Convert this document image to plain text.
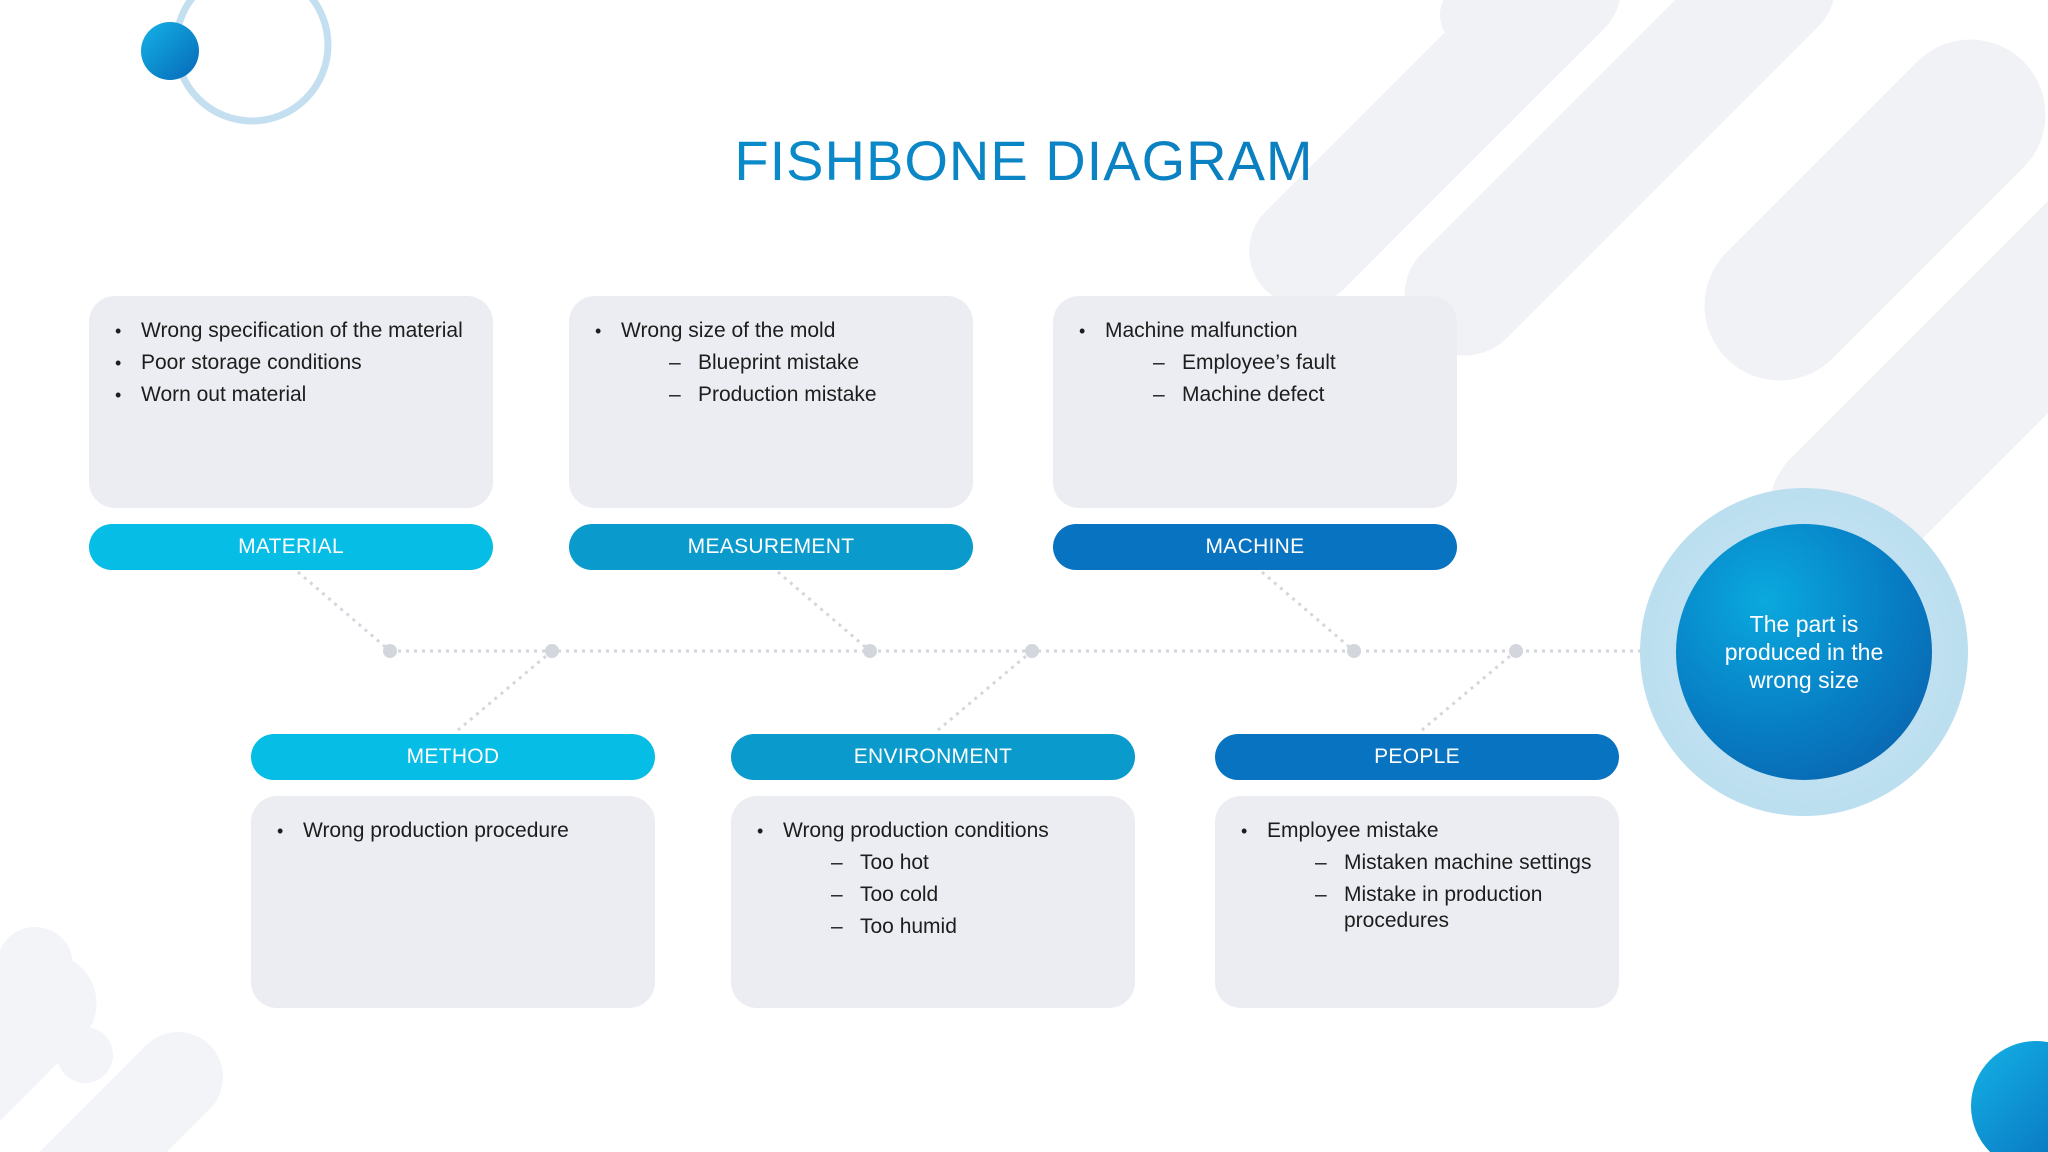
FISHBONE DIAGRAM
• Wrong specification of the material
• Poor storage conditions
• Worn out material
MATERIAL
• Wrong size of the mold
– Blueprint mistake
– Production mistake
MEASUREMENT
• Machine malfunction
– Employee’s fault
– Machine defect
MACHINE
METHOD
• Wrong production procedure
ENVIRONMENT
• Wrong production conditions
– Too hot
– Too cold
– Too humid
PEOPLE
• Employee mistake
– Mistaken machine settings
– Mistake in production procedures
The part is produced in the wrong size
